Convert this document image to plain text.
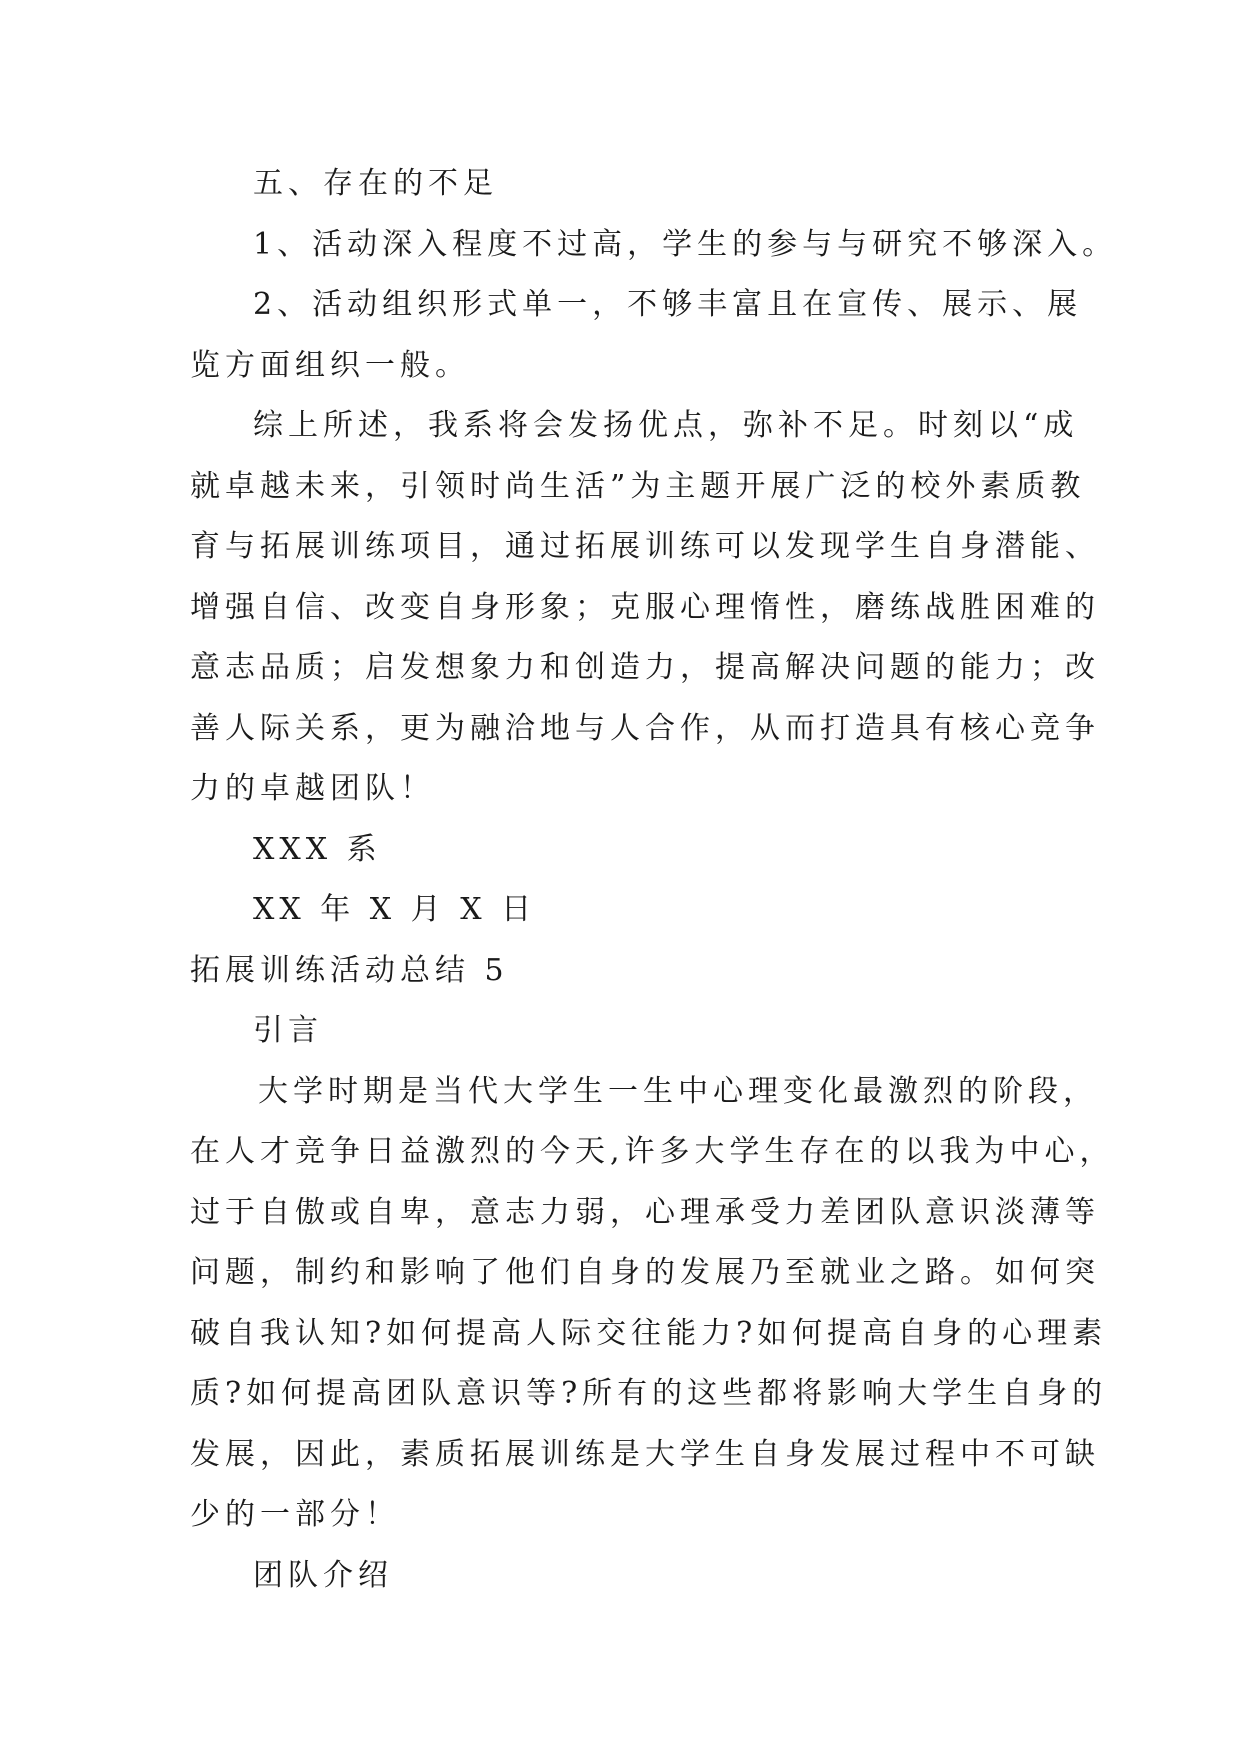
五、存在的不足
1、活动深入程度不过高，学生的参与与研究不够深入。
2、活动组织形式单一，不够丰富且在宣传、展示、展
览方面组织一般。
综上所述，我系将会发扬优点，弥补不足。时刻以“成
就卓越未来，引领时尚生活”为主题开展广泛的校外素质教
育与拓展训练项目，通过拓展训练可以发现学生自身潜能、
增强自信、改变自身形象；克服心理惰性，磨练战胜困难的
意志品质；启发想象力和创造力，提高解决问题的能力；改
善人际关系，更为融洽地与人合作，从而打造具有核心竞争
力的卓越团队！
XXX 系
XX 年 X 月 X 日
拓展训练活动总结 5
引言
大学时期是当代大学生一生中心理变化最激烈的阶段，
在人才竞争日益激烈的今天,许多大学生存在的以我为中心，
过于自傲或自卑，意志力弱，心理承受力差团队意识淡薄等
问题，制约和影响了他们自身的发展乃至就业之路。如何突
破自我认知?如何提高人际交往能力?如何提高自身的心理素
质?如何提高团队意识等?所有的这些都将影响大学生自身的
发展，因此，素质拓展训练是大学生自身发展过程中不可缺
少的一部分！
团队介绍
